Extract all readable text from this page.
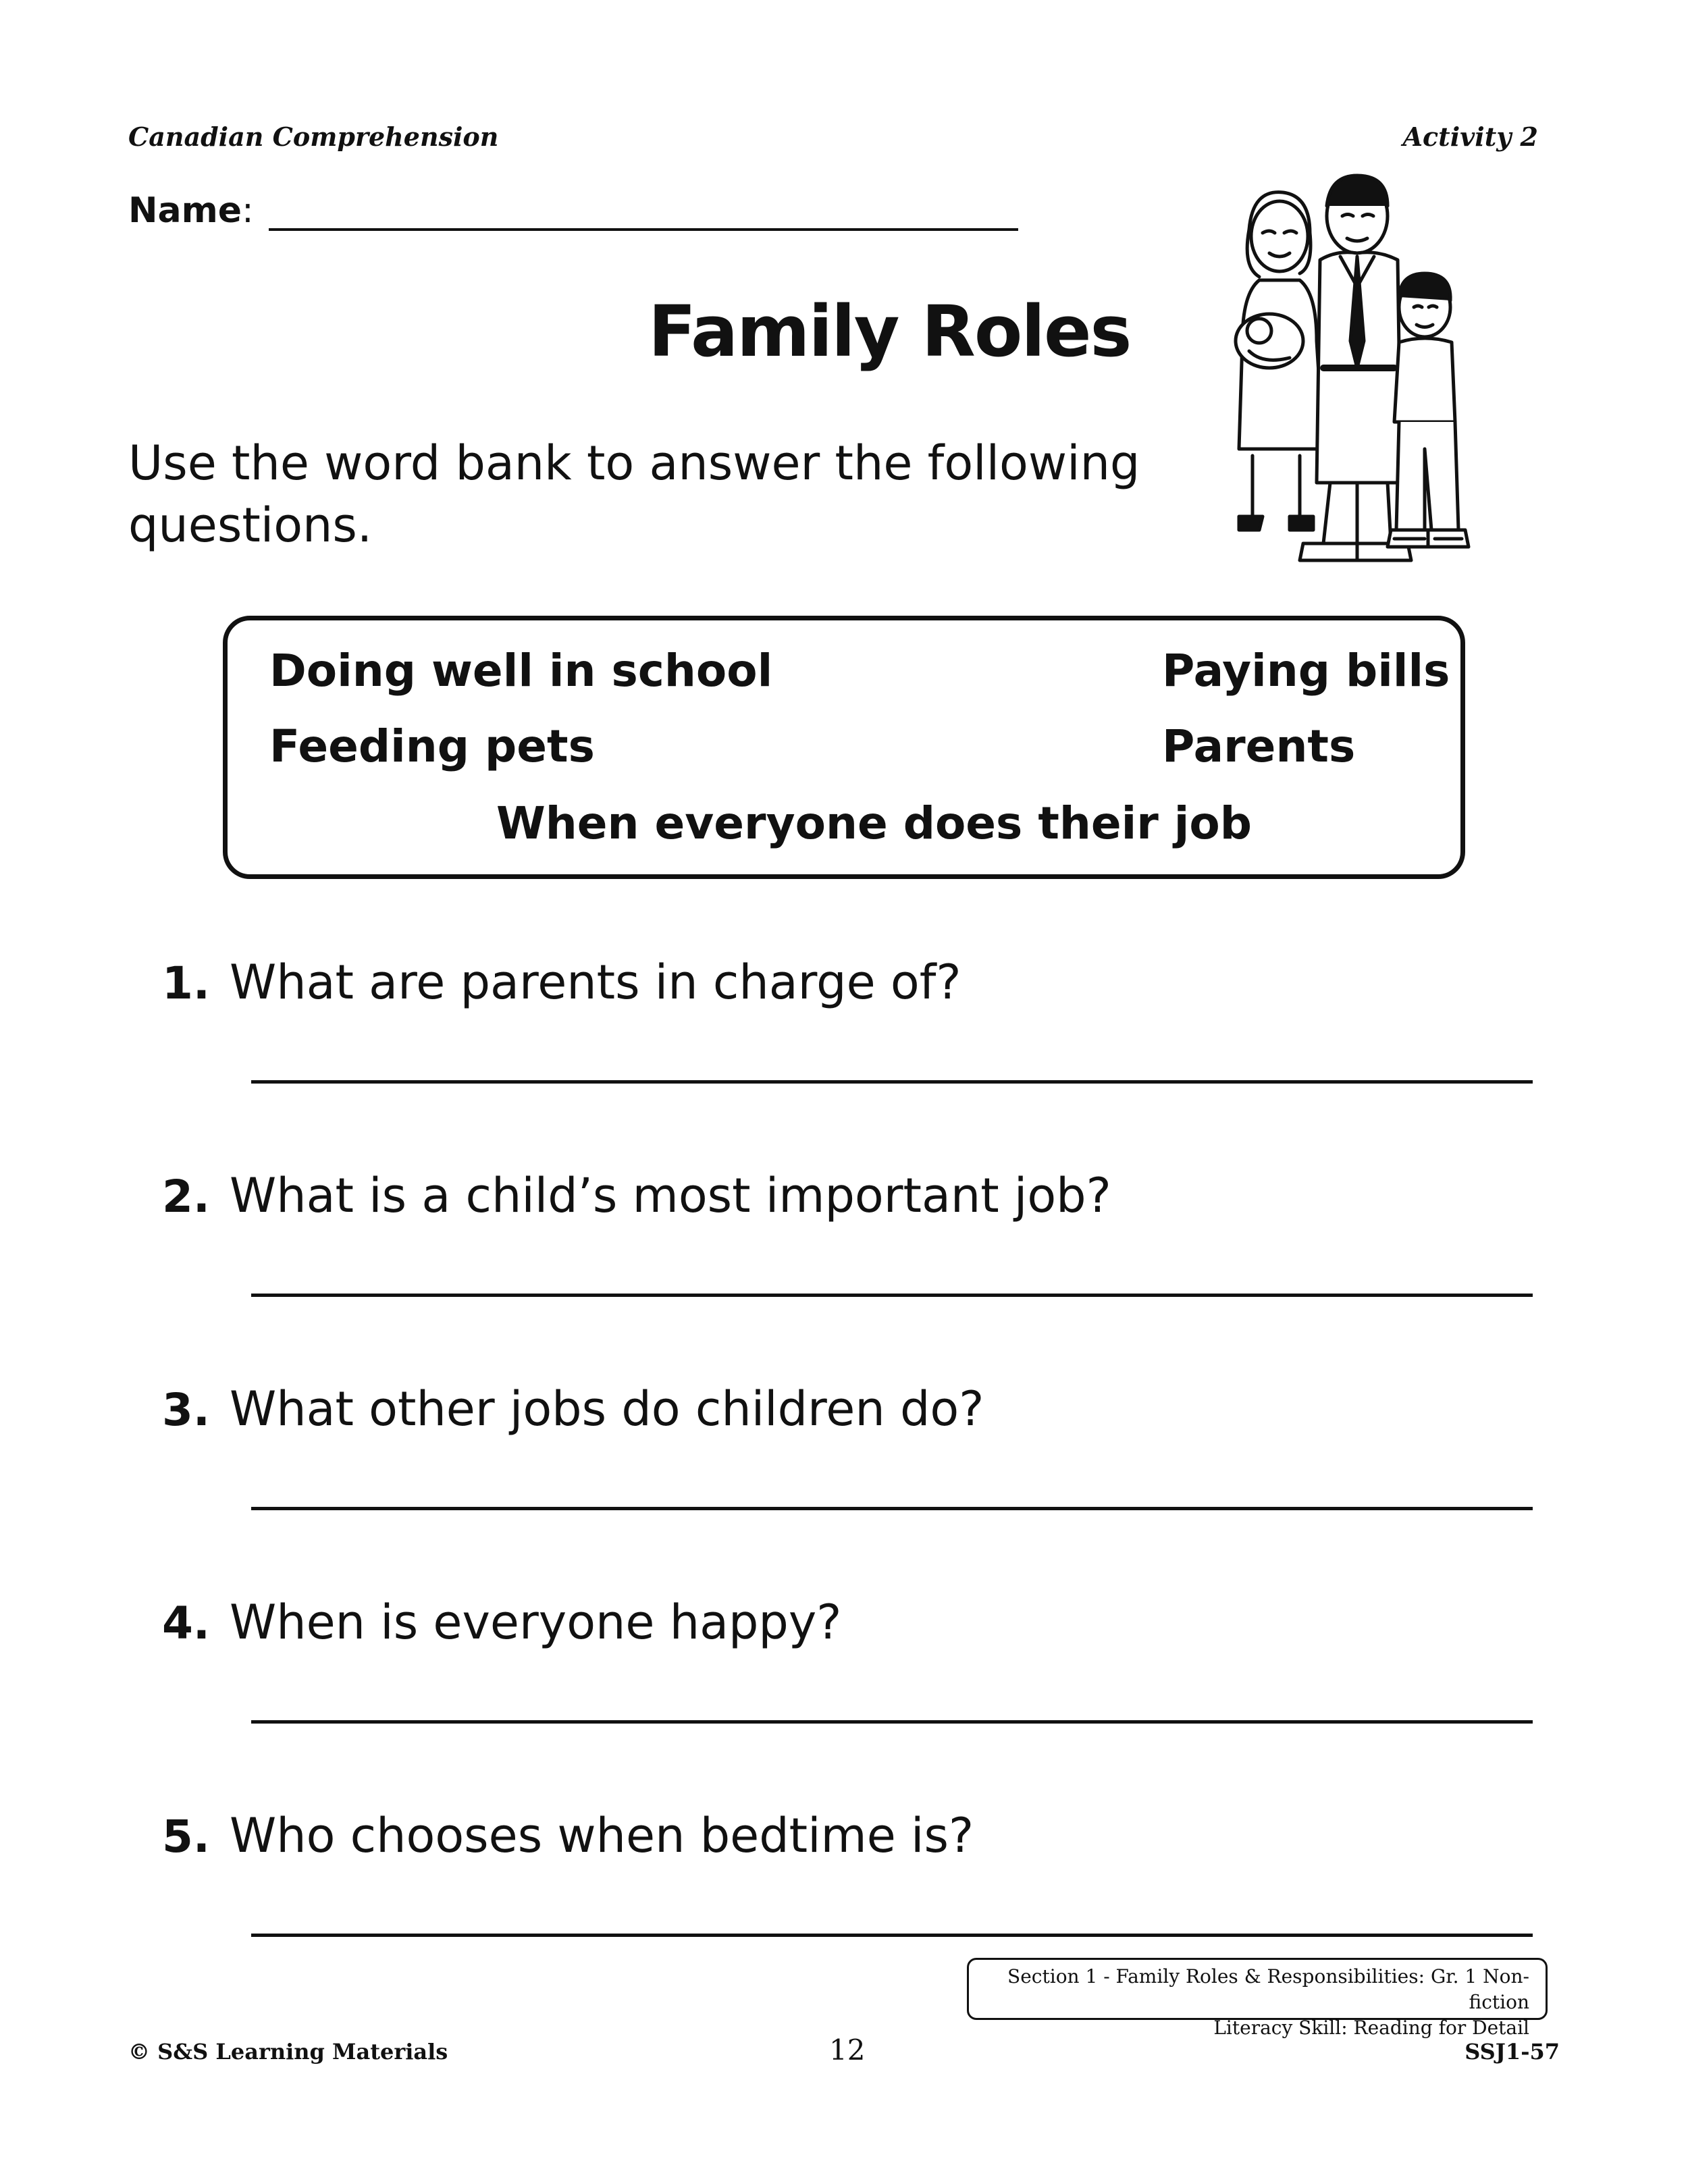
Canadian Comprehension	Activity 2
Name :
Family Roles
Use the word bank to answer the following questions.
Doing well in school	Paying bills
Feeding pets	Parents
When everyone does their job
1. What are parents in charge of?
2. What is a child’s most important job?
3. What other jobs do children do?
4. When is everyone happy?
5. Who chooses when bedtime is?
Section 1 - Family Roles & Responsibilities: Gr. 1 Non-fiction
Literacy Skill: Reading for Detail
© S&S Learning Materials	12	SSJ1-57
